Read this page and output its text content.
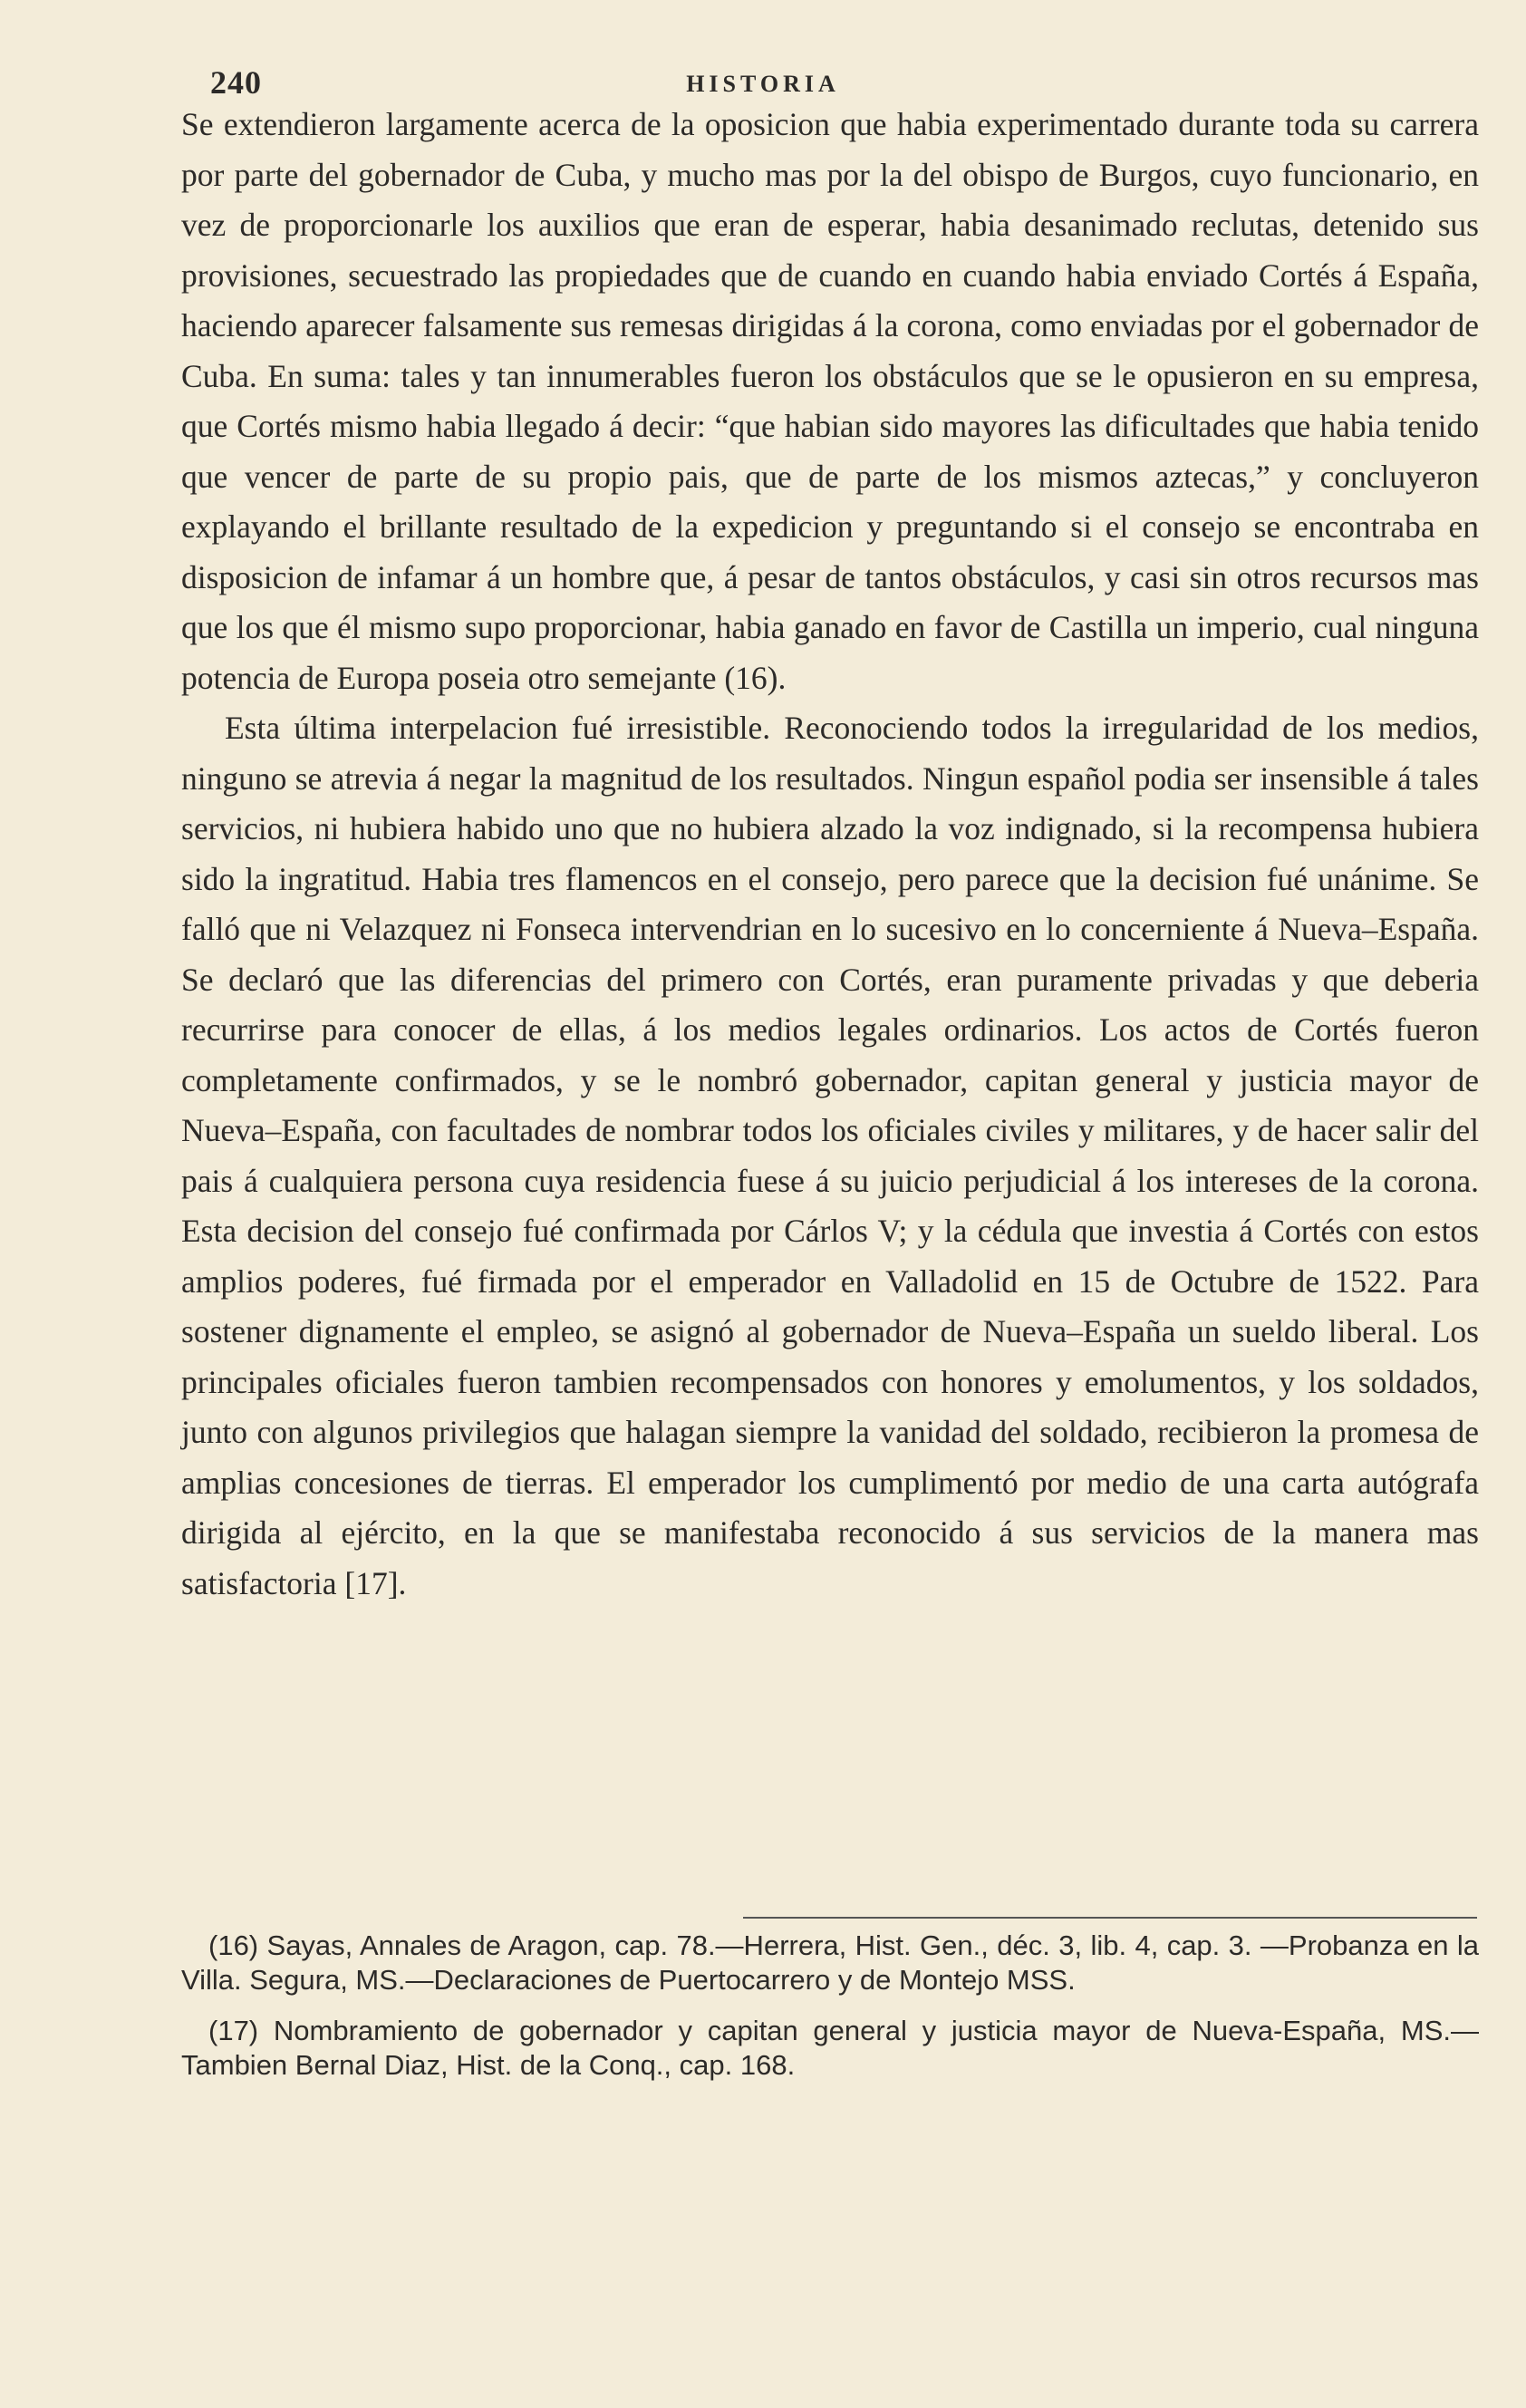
240	HISTORIA

Se extendieron largamente acerca de la oposicion que habia experimentado durante toda su carrera por parte del gobernador de Cuba, y mucho mas por la del obispo de Burgos, cuyo funcionario, en vez de proporcionarle los auxilios que eran de esperar, habia desanimado reclutas, detenido sus provisiones, secuestrado las propiedades que de cuando en cuando habia enviado Cortés á España, haciendo aparecer falsamente sus remesas dirigidas á la corona, como enviadas por el gobernador de Cuba. En suma: tales y tan innumerables fueron los obstáculos que se le opusieron en su empresa, que Cortés mismo habia llegado á decir: “que habian sido mayores las dificultades que habia tenido que vencer de parte de su propio pais, que de parte de los mismos aztecas,” y concluyeron explayando el brillante resultado de la expedicion y preguntando si el consejo se encontraba en disposicion de infamar á un hombre que, á pesar de tantos obstáculos, y casi sin otros recursos mas que los que él mismo supo proporcionar, habia ganado en favor de Castilla un imperio, cual ninguna potencia de Europa poseia otro semejante (16).

Esta última interpelacion fué irresistible. Reconociendo todos la irregularidad de los medios, ninguno se atrevia á negar la magnitud de los resultados. Ningun español podia ser insensible á tales servicios, ni hubiera habido uno que no hubiera alzado la voz indignado, si la recompensa hubiera sido la ingratitud. Habia tres flamencos en el consejo, pero parece que la decision fué unánime. Se falló que ni Velazquez ni Fonseca intervendrian en lo sucesivo en lo concerniente á Nueva–España. Se declaró que las diferencias del primero con Cortés, eran puramente privadas y que deberia recurrirse para conocer de ellas, á los medios legales ordinarios. Los actos de Cortés fueron completamente confirmados, y se le nombró gobernador, capitan general y justicia mayor de Nueva–España, con facultades de nombrar todos los oficiales civiles y militares, y de hacer salir del pais á cualquiera persona cuya residencia fuese á su juicio perjudicial á los intereses de la corona. Esta decision del consejo fué confirmada por Cárlos V; y la cédula que investia á Cortés con estos amplios poderes, fué firmada por el emperador en Valladolid en 15 de Octubre de 1522. Para sostener dignamente el empleo, se asignó al gobernador de Nueva–España un sueldo liberal. Los principales oficiales fueron tambien recompensados con honores y emolumentos, y los soldados, junto con algunos privilegios que halagan siempre la vanidad del soldado, recibieron la promesa de amplias concesiones de tierras. El emperador los cumplimentó por medio de una carta autógrafa dirigida al ejército, en la que se manifestaba reconocido á sus servicios de la manera mas satisfactoria [17].

(16) Sayas, Annales de Aragon, cap. 78.—Herrera, Hist. Gen., déc. 3, lib. 4, cap. 3. —Probanza en la Villa. Segura, MS.—Declaraciones de Puertocarrero y de Montejo MSS.

(17) Nombramiento de gobernador y capitan general y justicia mayor de Nueva-España, MS.—Tambien Bernal Diaz, Hist. de la Conq., cap. 168.
